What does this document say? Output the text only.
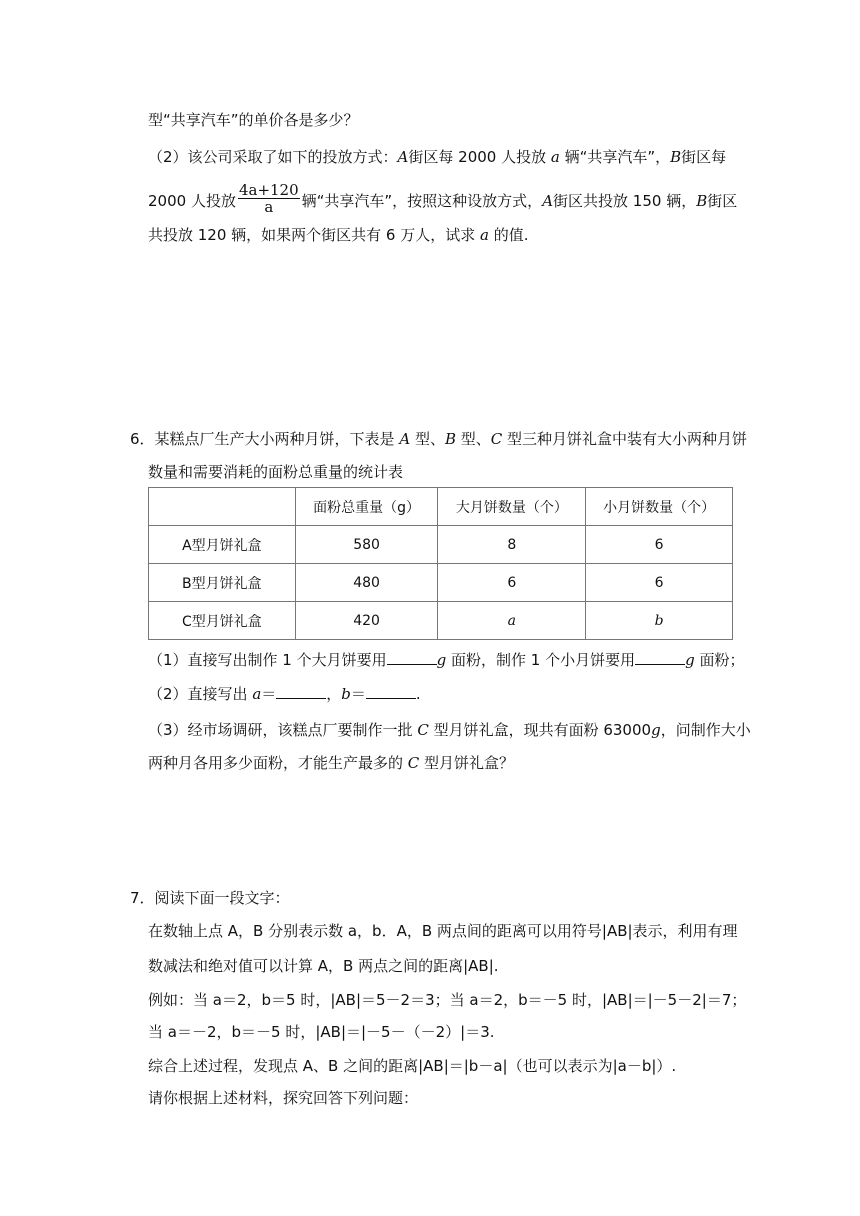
型“共享汽车”的单价各是多少？
（2）该公司采取了如下的投放方式：A街区每 2000 人投放 a 辆“共享汽车”，B街区每
2000 人投放 $\frac{4a+120}{a}$ 辆“共享汽车”，按照这种设放方式，A街区共投放 150 辆，B街区
共投放 120 辆，如果两个街区共有 6 万人，试求 a 的值.
6．某糕点厂生产大小两种月饼，下表是 A 型、B 型、C 型三种月饼礼盒中装有大小两种月饼
数量和需要消耗的面粉总重量的统计表
	面粉总重量（g）	大月饼数量（个）	小月饼数量（个）
A型月饼礼盒	580	8	6
B型月饼礼盒	480	6	6
C型月饼礼盒	420	a	b
（1）直接写出制作 1 个大月饼要用	g 面粉，制作 1 个小月饼要用	g 面粉；
（2）直接写出 a＝	，b＝	.
（3）经市场调研，该糕点厂要制作一批 C 型月饼礼盒，现共有面粉 63000g，问制作大小
两种月各用多少面粉，才能生产最多的 C 型月饼礼盒？
7．阅读下面一段文字：
在数轴上点 A，B 分别表示数 a，b．A，B 两点间的距离可以用符号|AB|表示，利用有理
数减法和绝对值可以计算 A，B 两点之间的距离|AB|.
例如：当 a＝2，b＝5 时，|AB|＝5－2＝3；当 a＝2，b＝－5 时，|AB|＝|－5－2|＝7；
当 a＝－2，b＝－5 时，|AB|＝|－5－（－2）|＝3.
综合上述过程，发现点 A、B 之间的距离|AB|＝|b－a|（也可以表示为|a－b|）.
请你根据上述材料，探究回答下列问题：
